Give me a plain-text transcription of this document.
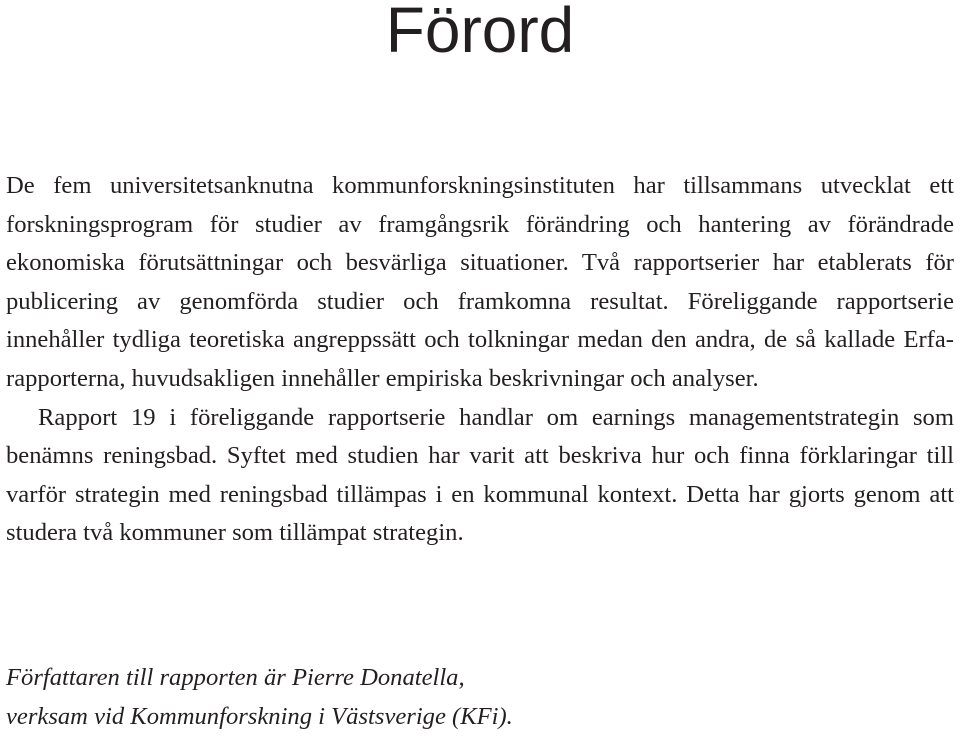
Förord

De fem universitetsanknutna kommunforskningsinstituten har tillsammans utvecklat ett forskningsprogram för studier av framgångsrik förändring och hantering av förändrade ekonomiska förutsättningar och besvärliga situationer. Två rapportserier har etablerats för publicering av genomförda studier och framkomna resultat. Föreliggande rapportserie innehåller tydliga teoretiska angreppssätt och tolkningar medan den andra, de så kallade Erfarapporterna, huvudsakligen innehåller empiriska beskrivningar och analyser.

Rapport 19 i föreliggande rapportserie handlar om earnings managementstrategin som benämns reningsbad. Syftet med studien har varit att beskriva hur och finna förklaringar till varför strategin med reningsbad tillämpas i en kommunal kontext. Detta har gjorts genom att studera två kommuner som tillämpat strategin.

Författaren till rapporten är Pierre Donatella,
verksam vid Kommunforskning i Västsverige (KFi).
